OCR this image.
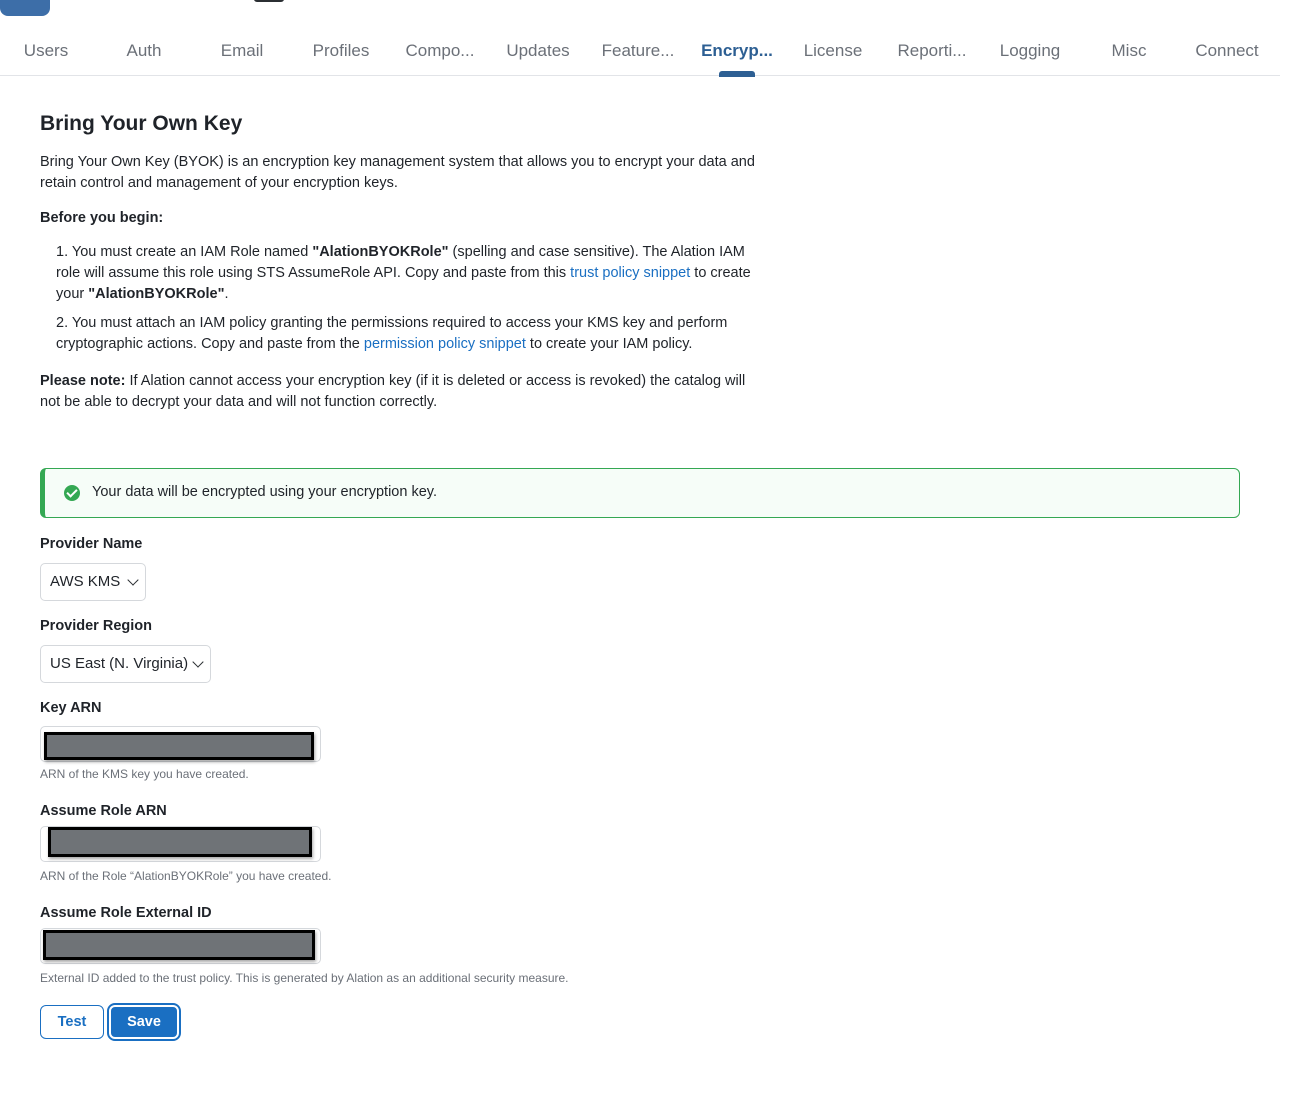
Users	Auth	Email	Profiles	Compo...	Updates	Feature...	Encryp...	License	Reporti...	Logging	Misc	Connect
Bring Your Own Key

Bring Your Own Key (BYOK) is an encryption key management system that allows you to encrypt your data and retain control and management of your encryption keys.

Before you begin:

1. You must create an IAM Role named "AlationBYOKRole" (spelling and case sensitive). The Alation IAM role will assume this role using STS AssumeRole API. Copy and paste from this trust policy snippet to create your "AlationBYOKRole".

2. You must attach an IAM policy granting the permissions required to access your KMS key and perform cryptographic actions. Copy and paste from the permission policy snippet to create your IAM policy.

Please note: If Alation cannot access your encryption key (if it is deleted or access is revoked) the catalog will not be able to decrypt your data and will not function correctly.

Your data will be encrypted using your encryption key.
Provider Name
AWS KMS
Provider Region
US East (N. Virginia)
Key ARN
ARN of the KMS key you have created.
Assume Role ARN
ARN of the Role “AlationBYOKRole” you have created.
Assume Role External ID
External ID added to the trust policy. This is generated by Alation as an additional security measure.
Test	Save
